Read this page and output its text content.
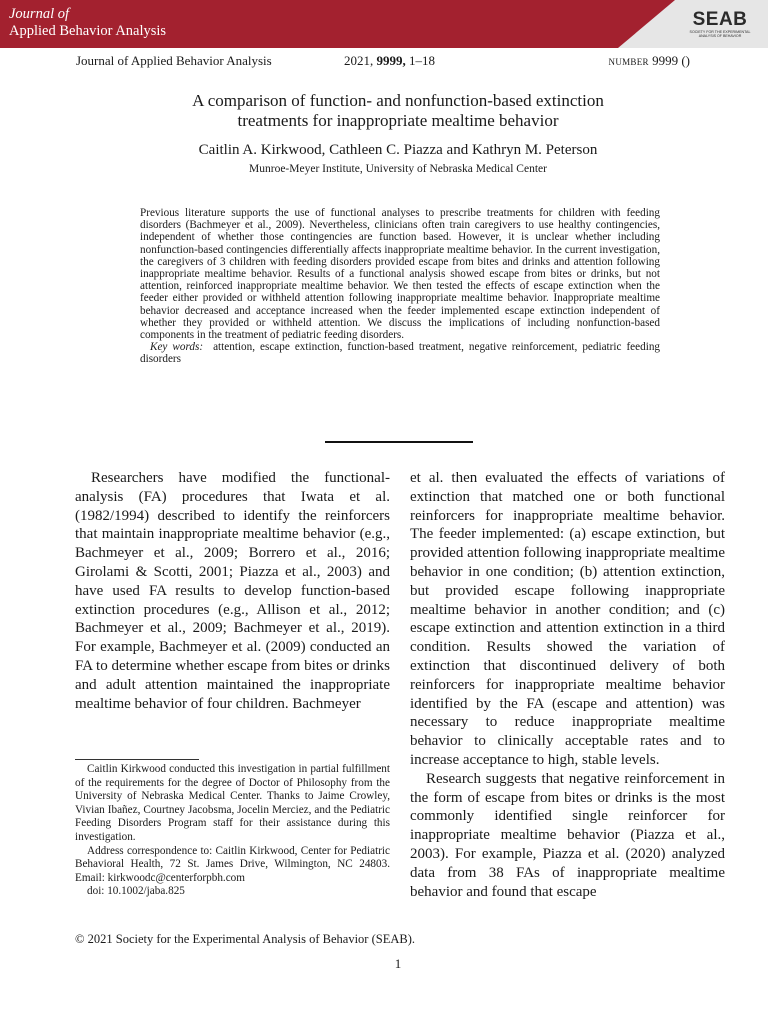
Journal of
Applied Behavior Analysis
SEAB
SOCIETY FOR THE EXPERIMENTAL ANALYSIS OF BEHAVIOR
Journal of Applied Behavior Analysis	2021, 9999, 1–18	number 9999 ()
A comparison of function- and nonfunction-based extinction
treatments for inappropriate mealtime behavior
Caitlin A. Kirkwood, Cathleen C. Piazza and Kathryn M. Peterson
Munroe-Meyer Institute, University of Nebraska Medical Center
Previous literature supports the use of functional analyses to prescribe treatments for children with feeding disorders (Bachmeyer et al., 2009). Nevertheless, clinicians often train caregivers to use healthy contingencies, independent of whether those contingencies are function based. However, it is unclear whether including nonfunction-based contingencies differentially affects inappropriate mealtime behavior. In the current investigation, the caregivers of 3 children with feeding disorders provided escape from bites and drinks and attention following inappropriate mealtime behavior. Results of a functional analysis showed escape from bites or drinks, but not attention, reinforced inappropriate mealtime behavior. We then tested the effects of escape extinction when the feeder either provided or withheld attention following inappropriate mealtime behavior. Inappropriate mealtime behavior decreased and acceptance increased when the feeder implemented escape extinction independent of whether they provided or withheld attention. We discuss the implications of including nonfunction-based components in the treatment of pediatric feeding disorders.
Key words: attention, escape extinction, function-based treatment, negative reinforcement, pediatric feeding disorders

Researchers have modified the functional-analysis (FA) procedures that Iwata et al. (1982/1994) described to identify the reinforcers that maintain inappropriate mealtime behavior (e.g., Bachmeyer et al., 2009; Borrero et al., 2016; Girolami & Scotti, 2001; Piazza et al., 2003) and have used FA results to develop function-based extinction procedures (e.g., Allison et al., 2012; Bachmeyer et al., 2009; Bachmeyer et al., 2019). For example, Bachmeyer et al. (2009) conducted an FA to determine whether escape from bites or drinks and adult attention maintained the inappropriate mealtime behavior of four children. Bachmeyer

et al. then evaluated the effects of variations of extinction that matched one or both functional reinforcers for inappropriate mealtime behavior. The feeder implemented: (a) escape extinction, but provided attention following inappropriate mealtime behavior in one condition; (b) attention extinction, but provided escape following inappropriate mealtime behavior in another condition; and (c) escape extinction and attention extinction in a third condition. Results showed the variation of extinction that discontinued delivery of both reinforcers for inappropriate mealtime behavior identified by the FA (escape and attention) was necessary to reduce inappropriate mealtime behavior to clinically acceptable rates and to increase acceptance to high, stable levels.

Research suggests that negative reinforcement in the form of escape from bites or drinks is the most commonly identified single reinforcer for inappropriate mealtime behavior (Piazza et al., 2003). For example, Piazza et al. (2020) analyzed data from 38 FAs of inappropriate mealtime behavior and found that escape

Caitlin Kirkwood conducted this investigation in partial fulfillment of the requirements for the degree of Doctor of Philosophy from the University of Nebraska Medical Center. Thanks to Jaime Crowley, Vivian Ibañez, Courtney Jacobsma, Jocelin Merciez, and the Pediatric Feeding Disorders Program staff for their assistance during this investigation.

Address correspondence to: Caitlin Kirkwood, Center for Pediatric Behavioral Health, 72 St. James Drive, Wilmington, NC 24803. Email: kirkwoodc@centerforpbh.com

doi: 10.1002/jaba.825

© 2021 Society for the Experimental Analysis of Behavior (SEAB).
1
